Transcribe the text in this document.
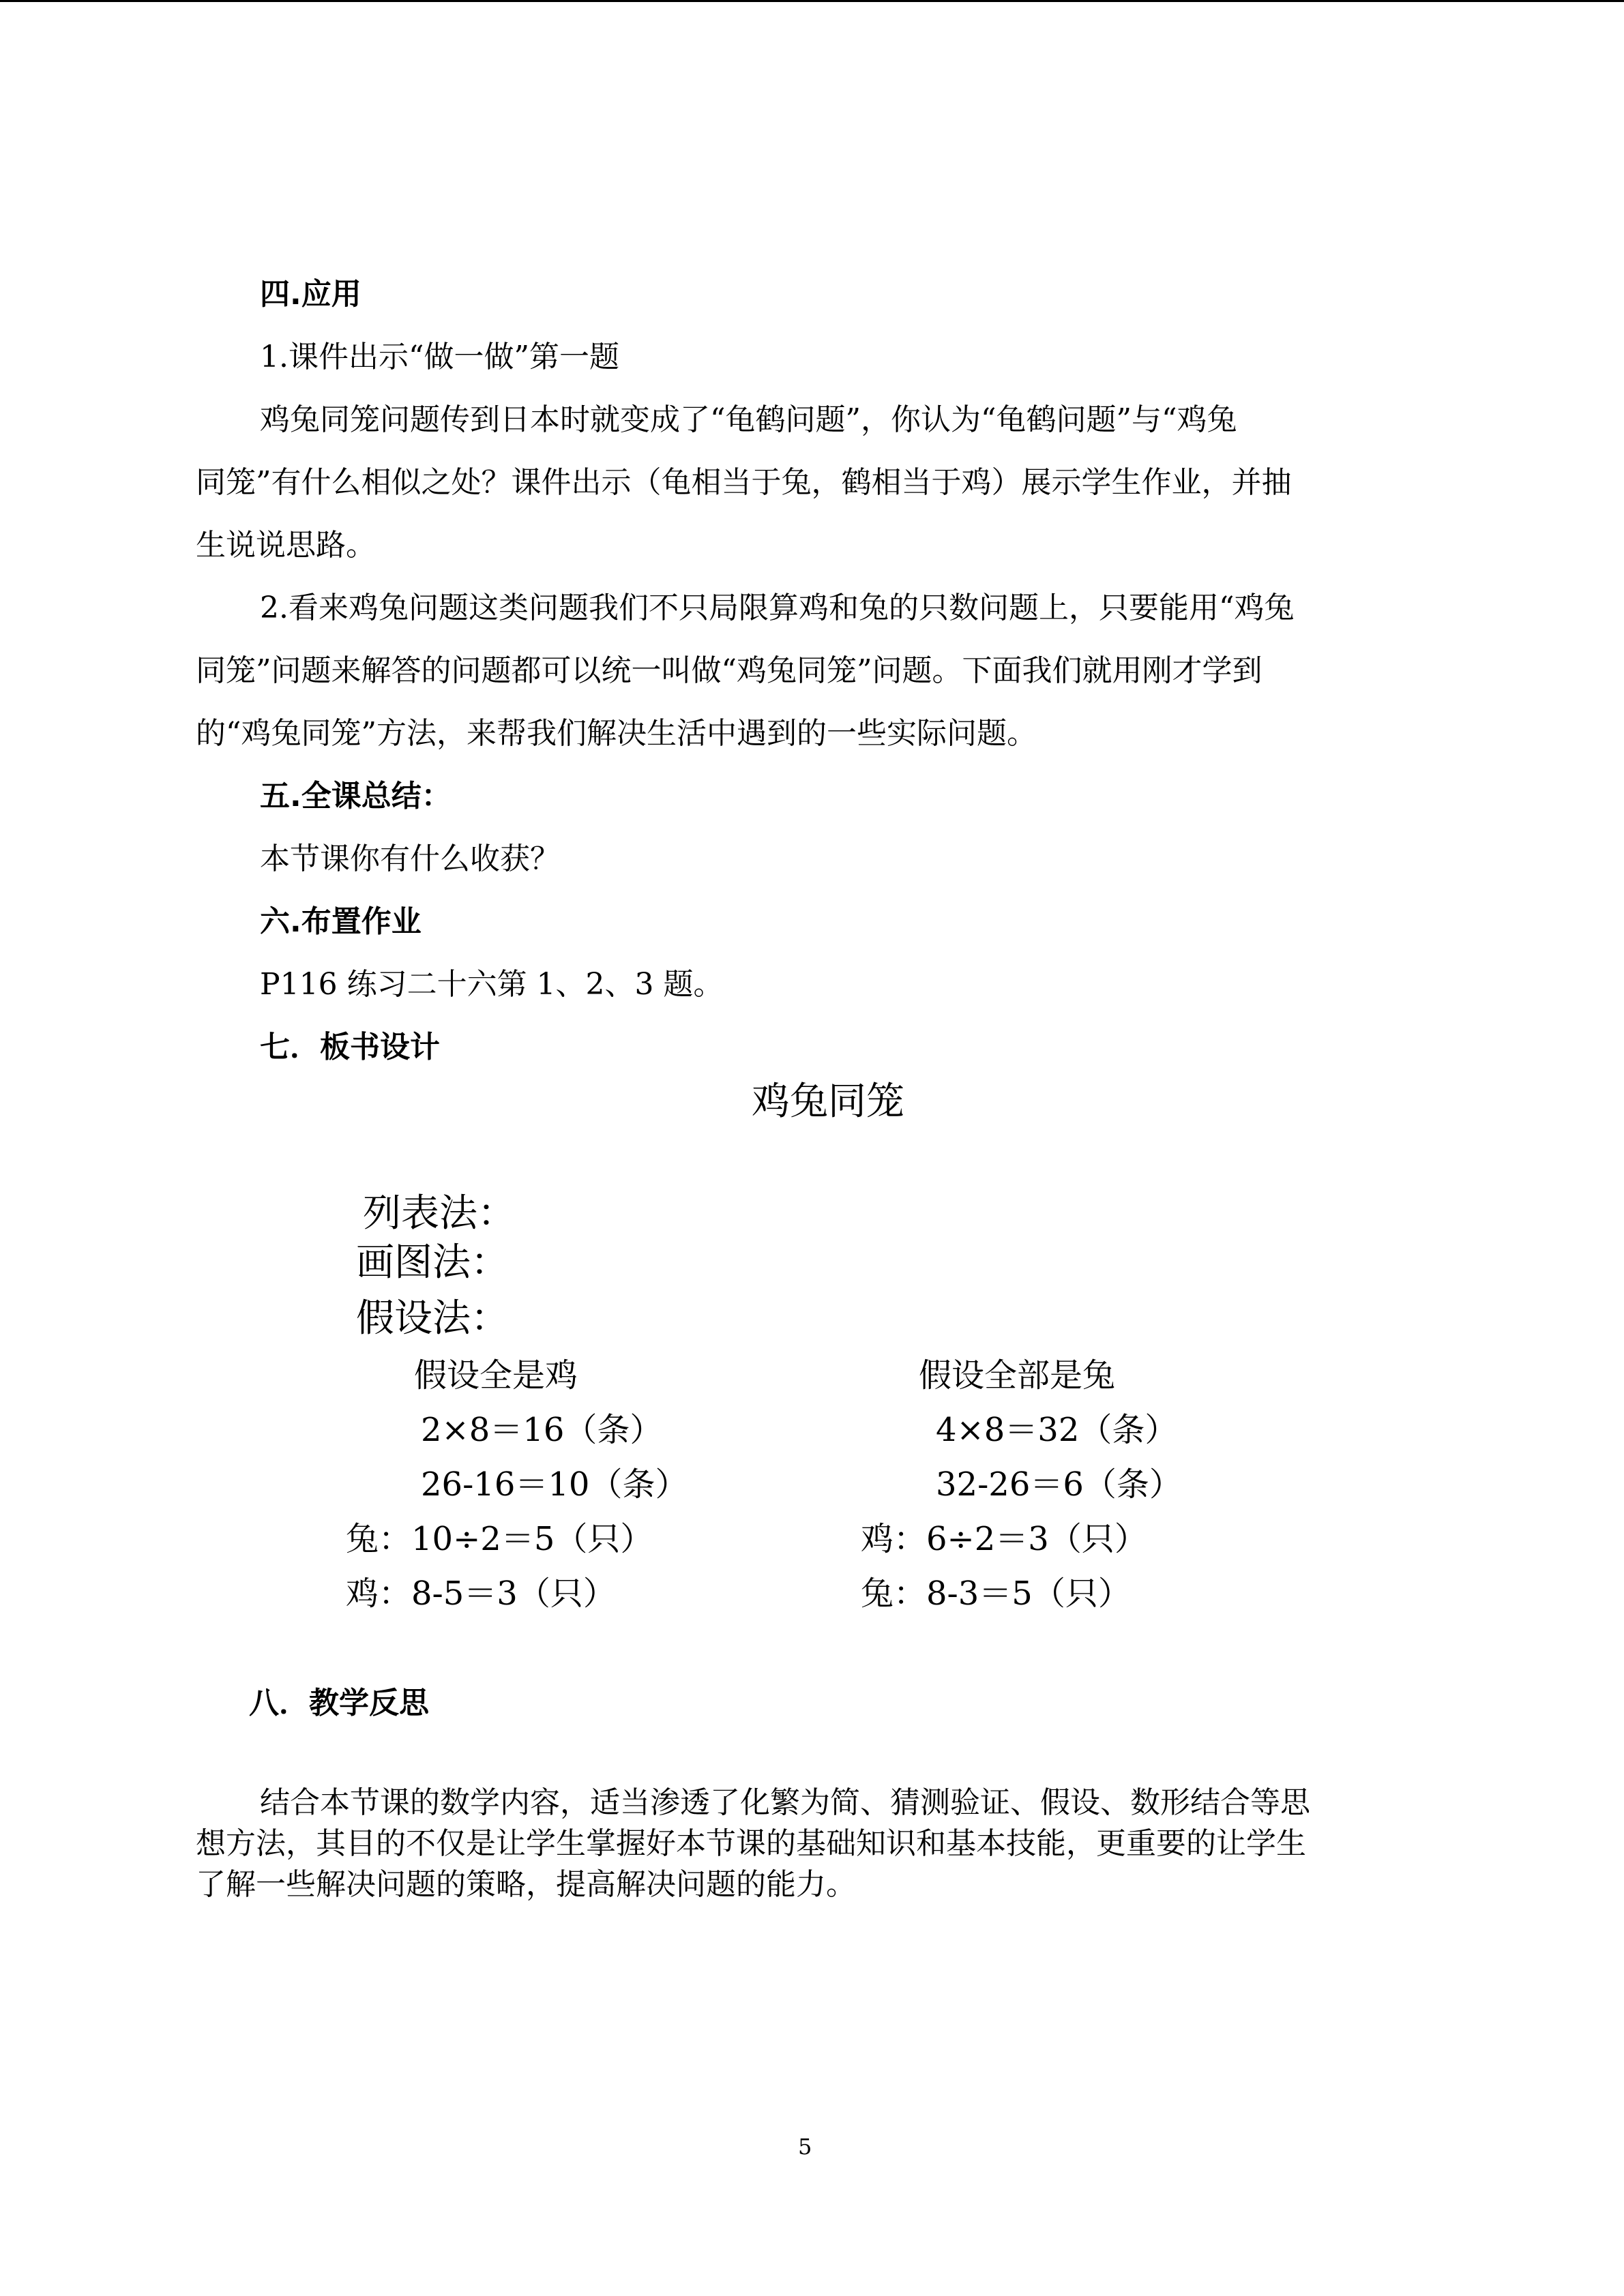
四.应用
1.课件出示“做一做”第一题
鸡兔同笼问题传到日本时就变成了“龟鹤问题”，你认为“龟鹤问题”与“鸡兔
同笼”有什么相似之处？课件出示（龟相当于兔，鹤相当于鸡）展示学生作业，并抽
生说说思路。
2.看来鸡兔问题这类问题我们不只局限算鸡和兔的只数问题上，只要能用“鸡兔
同笼”问题来解答的问题都可以统一叫做“鸡兔同笼”问题。下面我们就用刚才学到
的“鸡兔同笼”方法，来帮我们解决生活中遇到的一些实际问题。
五.全课总结：
本节课你有什么收获？
六.布置作业
P116 练习二十六第 1、2、3 题。
七．板书设计
鸡兔同笼
列表法：
画图法：
假设法：
假设全是鸡
2×8＝16（条）
26-16＝10（条）
兔：10÷2＝5（只）
鸡：8-5＝3（只）
假设全部是兔
4×8＝32（条）
32-26＝6（条）
鸡：6÷2＝3（只）
兔：8-3＝5（只）
八．教学反思
结合本节课的数学内容，适当渗透了化繁为简、猜测验证、假设、数形结合等思
想方法，其目的不仅是让学生掌握好本节课的基础知识和基本技能，更重要的让学生
了解一些解决问题的策略，提高解决问题的能力。
5
